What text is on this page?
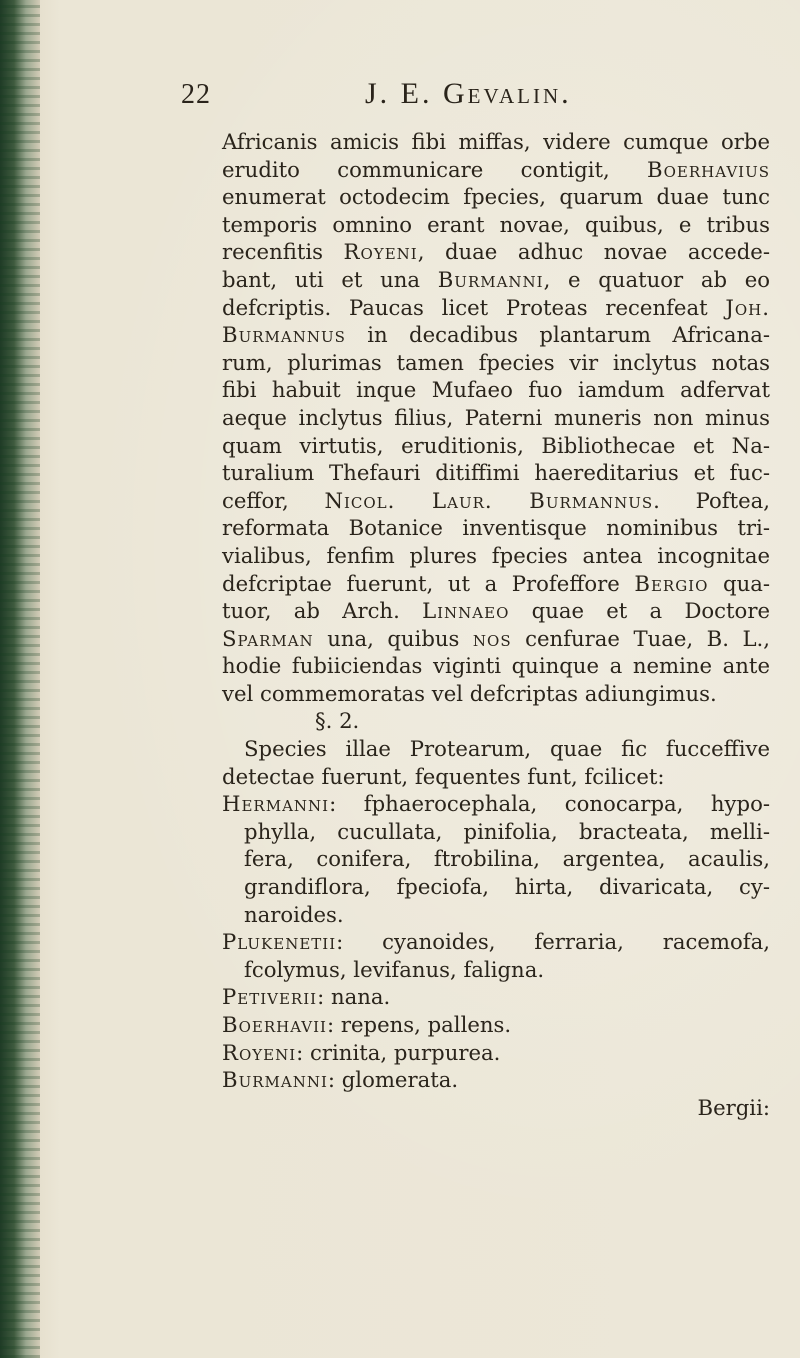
22	J. E. Gevalin.
Africanis amicis fibi miffas, videre cumque orbe
erudito communicare contigit, Boerhavius
enumerat octodecim fpecies, quarum duae tunc
temporis omnino erant novae, quibus, e tribus
recenfitis Royeni, duae adhuc novae accede-
bant, uti et una Burmanni, e quatuor ab eo
defcriptis. Paucas licet Proteas recenfeat Joh.
Burmannus in decadibus plantarum Africana-
rum, plurimas tamen fpecies vir inclytus notas
fibi habuit inque Mufaeo fuo iamdum adfervat
aeque inclytus filius, Paterni muneris non minus
quam virtutis, eruditionis, Bibliothecae et Na-
turalium Thefauri ditiffimi haereditarius et fuc-
ceffor, Nicol. Laur. Burmannus. Poftea,
reformata Botanice inventisque nominibus tri-
vialibus, fenfim plures fpecies antea incognitae
defcriptae fuerunt, ut a Profeffore Bergio qua-
tuor, ab Arch. Linnaeo quae et a Doctore
Sparman una, quibus nos cenfurae Tuae, B. L.,
hodie fubiiciendas viginti quinque a nemine ante
vel commemoratas vel defcriptas adiungimus.
§. 2.
Species illae Protearum, quae fic fucceffive
detectae fuerunt, fequentes funt, fcilicet:
Hermanni: fphaerocephala, conocarpa, hypo-
phylla, cucullata, pinifolia, bracteata, melli-
fera, conifera, ftrobilina, argentea, acaulis,
grandiflora, fpeciofa, hirta, divaricata, cy-
naroides.
Plukenetii: cyanoides, ferraria, racemofa,
fcolymus, levifanus, faligna.
Petiverii: nana.
Boerhavii: repens, pallens.
Royeni: crinita, purpurea.
Burmanni: glomerata.
Bergii:
